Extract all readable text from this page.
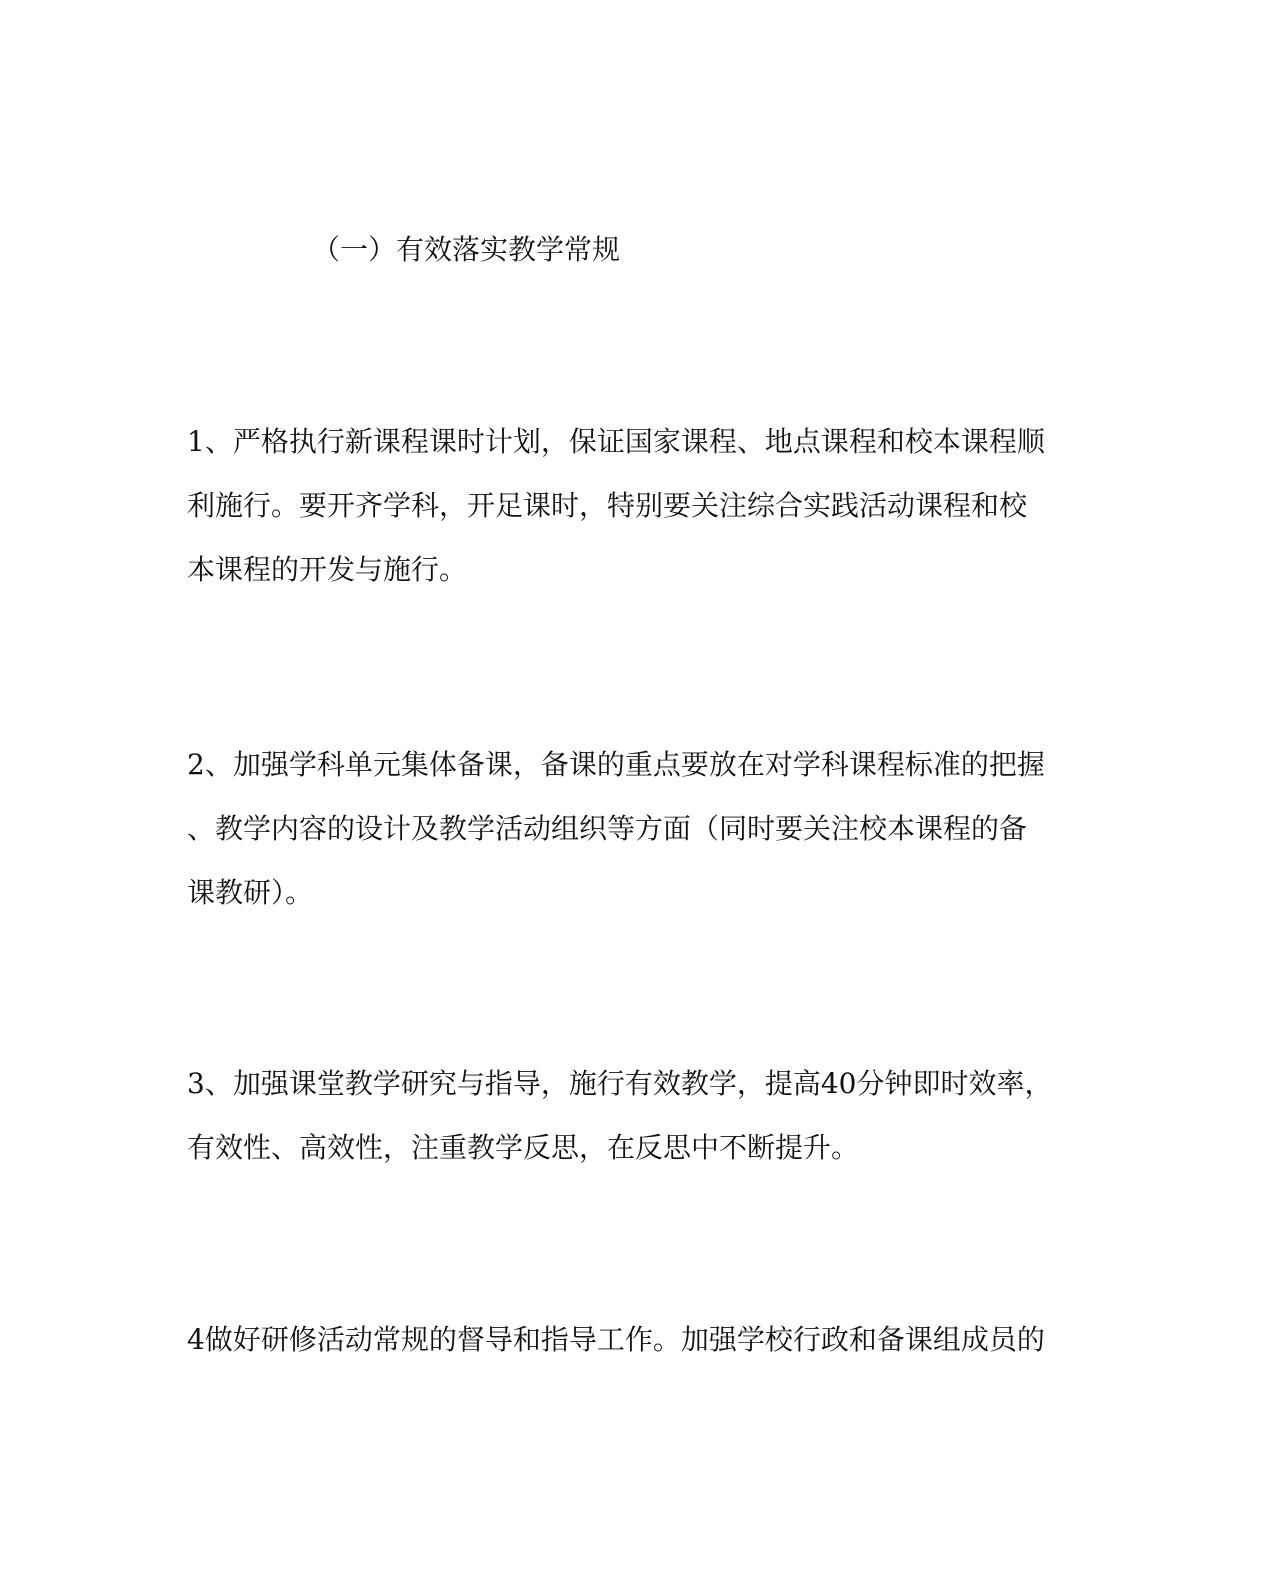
（一）有效落实教学常规
1、严格执行新课程课时计划，保证国家课程、地点课程和校本课程顺
利施行。要开齐学科，开足课时，特别要关注综合实践活动课程和校
本课程的开发与施行。
2、加强学科单元集体备课，备课的重点要放在对学科课程标准的把握
、教学内容的设计及教学活动组织等方面（同时要关注校本课程的备
课教研）。
3、加强课堂教学研究与指导，施行有效教学，提高40分钟即时效率，
有效性、高效性，注重教学反思，在反思中不断提升。
4做好研修活动常规的督导和指导工作。加强学校行政和备课组成员的
